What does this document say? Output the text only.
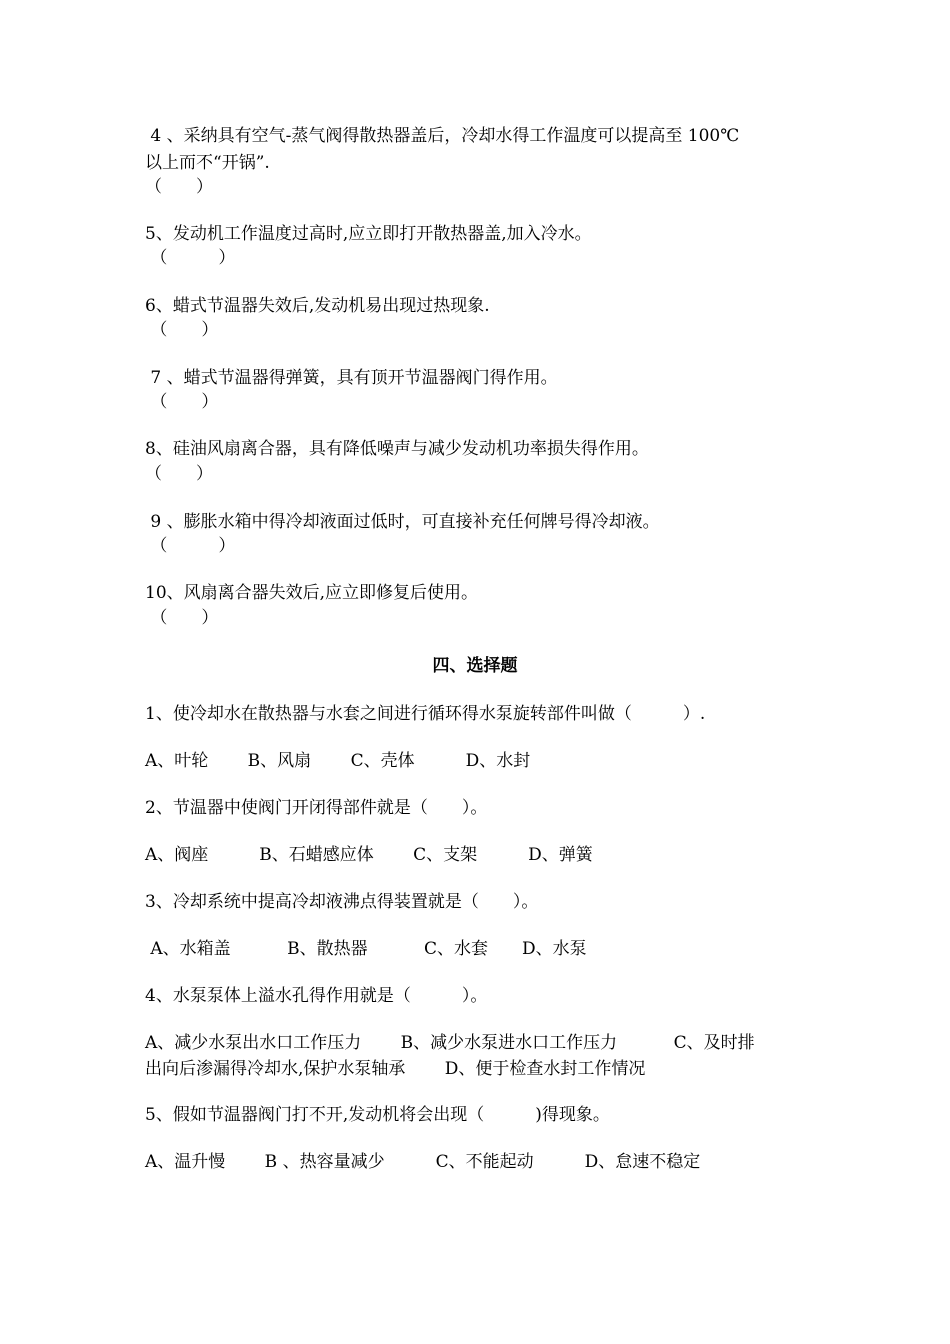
4 、采纳具有空气-蒸气阀得散热器盖后，冷却水得工作温度可以提高至 100℃
以上而不“开锅”.
（　　）
5、发动机工作温度过高时,应立即打开散热器盖,加入冷水。
（　　　）
6、蜡式节温器失效后,发动机易出现过热现象.
（　　）
7 、蜡式节温器得弹簧，具有顶开节温器阀门得作用。
（　　）
8、硅油风扇离合器，具有降低噪声与减少发动机功率损失得作用。
（　　）
9 、膨胀水箱中得冷却液面过低时，可直接补充任何牌号得冷却液。
（　　　）
10、风扇离合器失效后,应立即修复后使用。
（　　）
四、选择题
1、使冷却水在散热器与水套之间进行循环得水泵旋转部件叫做（　　　）.
A、叶轮　　 B、风扇　　 C、壳体　　　D、水封
2、节温器中使阀门开闭得部件就是（　　）。
A、阀座　　　B、石蜡感应体　　 C、支架　　　D、弹簧
3、冷却系统中提高冷却液沸点得装置就是（　　）。
A、水箱盖　　　 B、散热器　　　 C、水套　　D、水泵
4、水泵泵体上溢水孔得作用就是（　　　）。
A、减少水泵出水口工作压力　　 B、减少水泵进水口工作压力　　　 C、及时排
出向后渗漏得冷却水,保护水泵轴承　　 D、便于检查水封工作情况
5、假如节温器阀门打不开,发动机将会出现（　　　)得现象。
A、温升慢　　 B 、热容量减少　　　C、不能起动　　　D、怠速不稳定
